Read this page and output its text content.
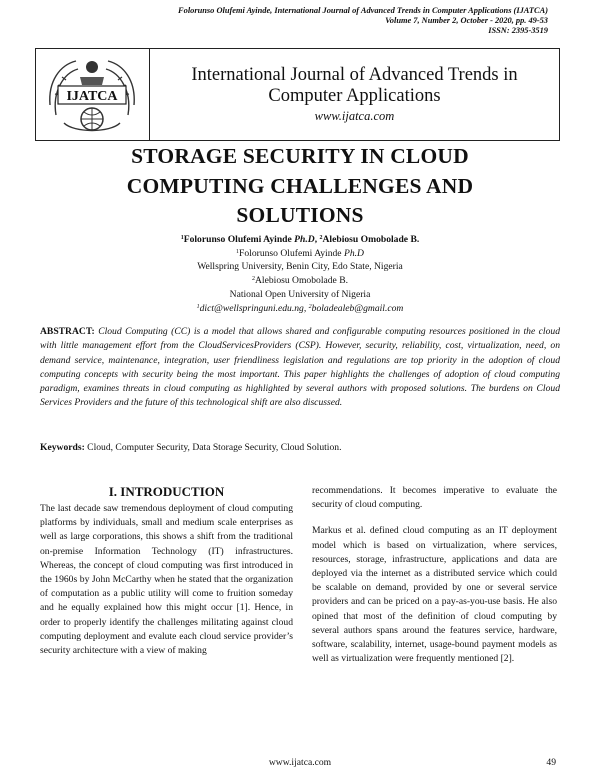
Folorunso Olufemi Ayinde, International Journal of Advanced Trends in Computer Applications (IJATCA)
Volume 7, Number 2, October - 2020, pp. 49-53
ISSN: 2395-3519
IJATCA
International Journal of Advanced Trends in
Computer Applications
www.ijatca.com
STORAGE SECURITY IN CLOUD
COMPUTING CHALLENGES AND
SOLUTIONS
$^1$Folorunso Olufemi Ayinde Ph.D, $^2$Alebiosu Omobolade B.
$^1$Folorunso Olufemi Ayinde Ph.D
Wellspring University, Benin City, Edo State, Nigeria
$^2$Alebiosu Omobolade B.
National Open University of Nigeria
$^1$dict@wellspringuni.edu.ng, $^2$boladealeb@gmail.com
ABSTRACT: Cloud Computing (CC) is a model that allows shared and configurable computing resources positioned in the cloud with little management effort from the CloudServicesProviders (CSP). However, security, reliability, cost, virtualization, need, on demand service, maintenance, integration, user friendliness legislation and regulations are top priority in the adoption of cloud computing concepts with security being the most important. This paper highlights the challenges of adoption of cloud computing paradigm, examines threats in cloud computing as highlighted by several authors with proposed solutions. The burdens on Cloud Services Providers and the future of this technological shift are also discussed.
Keywords: Cloud, Computer Security, Data Storage Security, Cloud Solution.
I. INTRODUCTION

The last decade saw tremendous deployment of cloud computing platforms by individuals, small and medium scale enterprises as well as large corporations, this shows a shift from the traditional on-premise Information Technology (IT) infrastructures. Whereas, the concept of cloud computing was first introduced in the 1960s by John McCarthy when he stated that the organization of computation as a public utility will come to fruition someday and he equally explained how this might occur [1]. Hence, in order to properly identify the challenges militating against cloud computing deployment and evalute each cloud service provider’s security architecture with a view of making

recommendations. It becomes imperative to evaluate the security of cloud computing.

Markus et al. defined cloud computing as an IT deployment model which is based on virtualization, where services, resources, storage, infrastructure, applications and data are deployed via the internet as a distributed service which could be scalable on demand, provided by one or several service providers and can be priced on a pay-as-you-use basis. He also opined that most of the definition of cloud computing by several authors spans around the features service, hardware, software, scalability, internet, usage-bound payment models as well as virtualization were frequently mentioned [2].

www.ijatca.com	49
